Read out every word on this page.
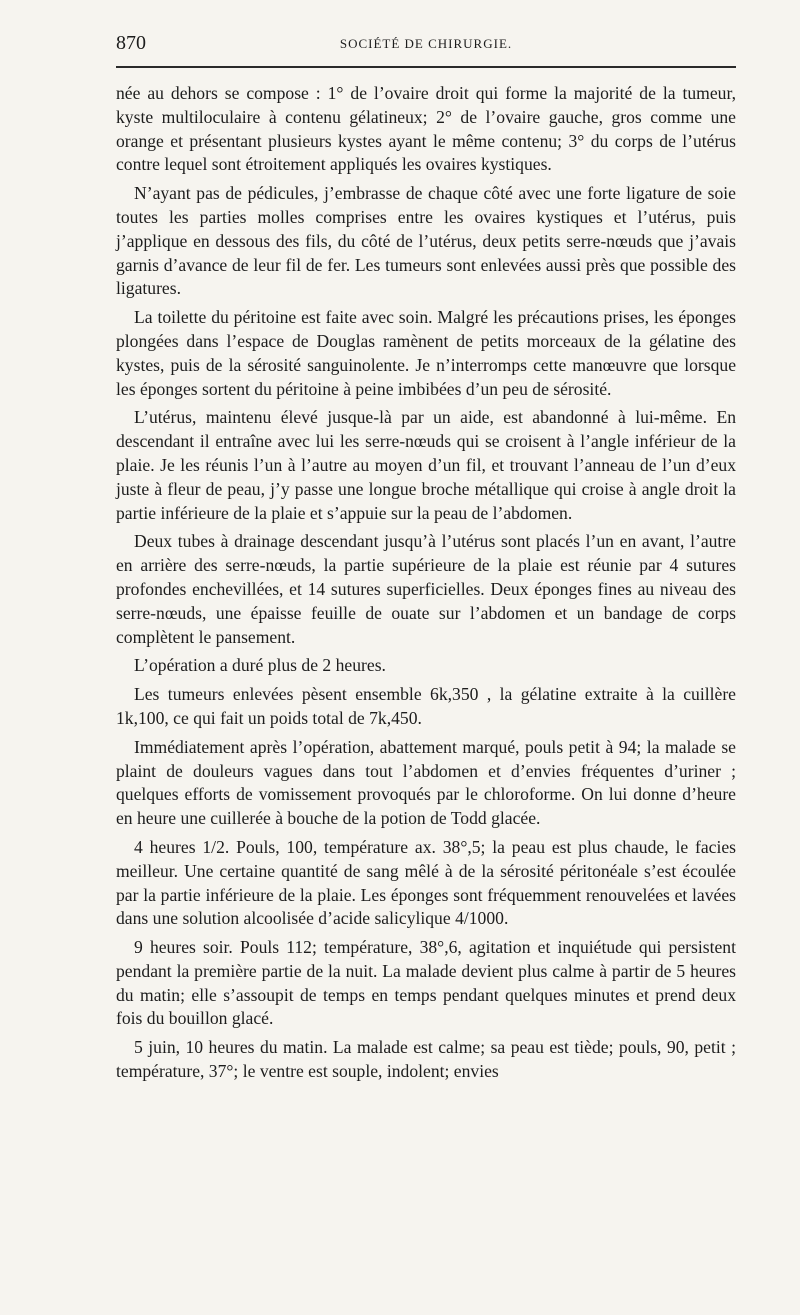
870	SOCIÉTÉ DE CHIRURGIE.

née au dehors se compose : 1° de l’ovaire droit qui forme la majorité de la tumeur, kyste multiloculaire à contenu gélatineux; 2° de l’ovaire gauche, gros comme une orange et présentant plusieurs kystes ayant le même contenu; 3° du corps de l’utérus contre lequel sont étroitement appliqués les ovaires kystiques.

N’ayant pas de pédicules, j’embrasse de chaque côté avec une forte ligature de soie toutes les parties molles comprises entre les ovaires kystiques et l’utérus, puis j’applique en dessous des fils, du côté de l’utérus, deux petits serre-nœuds que j’avais garnis d’avance de leur fil de fer. Les tumeurs sont enlevées aussi près que possible des ligatures.

La toilette du péritoine est faite avec soin. Malgré les précautions prises, les éponges plongées dans l’espace de Douglas ramènent de petits morceaux de la gélatine des kystes, puis de la sérosité sanguinolente. Je n’interromps cette manœuvre que lorsque les éponges sortent du péritoine à peine imbibées d’un peu de sérosité.

L’utérus, maintenu élevé jusque-là par un aide, est abandonné à lui-même. En descendant il entraîne avec lui les serre-nœuds qui se croisent à l’angle inférieur de la plaie. Je les réunis l’un à l’autre au moyen d’un fil, et trouvant l’anneau de l’un d’eux juste à fleur de peau, j’y passe une longue broche métallique qui croise à angle droit la partie inférieure de la plaie et s’appuie sur la peau de l’abdomen.

Deux tubes à drainage descendant jusqu’à l’utérus sont placés l’un en avant, l’autre en arrière des serre-nœuds, la partie supérieure de la plaie est réunie par 4 sutures profondes enchevillées, et 14 sutures superficielles. Deux éponges fines au niveau des serre-nœuds, une épaisse feuille de ouate sur l’abdomen et un bandage de corps complètent le pansement.

L’opération a duré plus de 2 heures.

Les tumeurs enlevées pèsent ensemble 6k,350 , la gélatine extraite à la cuillère 1k,100, ce qui fait un poids total de 7k,450.

Immédiatement après l’opération, abattement marqué, pouls petit à 94; la malade se plaint de douleurs vagues dans tout l’abdomen et d’envies fréquentes d’uriner ; quelques efforts de vomissement provoqués par le chloroforme. On lui donne d’heure en heure une cuillerée à bouche de la potion de Todd glacée.

4 heures 1/2. Pouls, 100, température ax. 38°,5; la peau est plus chaude, le facies meilleur. Une certaine quantité de sang mêlé à de la sérosité péritonéale s’est écoulée par la partie inférieure de la plaie. Les éponges sont fréquemment renouvelées et lavées dans une solution alcoolisée d’acide salicylique 4/1000.

9 heures soir. Pouls 112; température, 38°,6, agitation et inquiétude qui persistent pendant la première partie de la nuit. La malade devient plus calme à partir de 5 heures du matin; elle s’assoupit de temps en temps pendant quelques minutes et prend deux fois du bouillon glacé.

5 juin, 10 heures du matin. La malade est calme; sa peau est tiède; pouls, 90, petit ; température, 37°; le ventre est souple, indolent; envies
